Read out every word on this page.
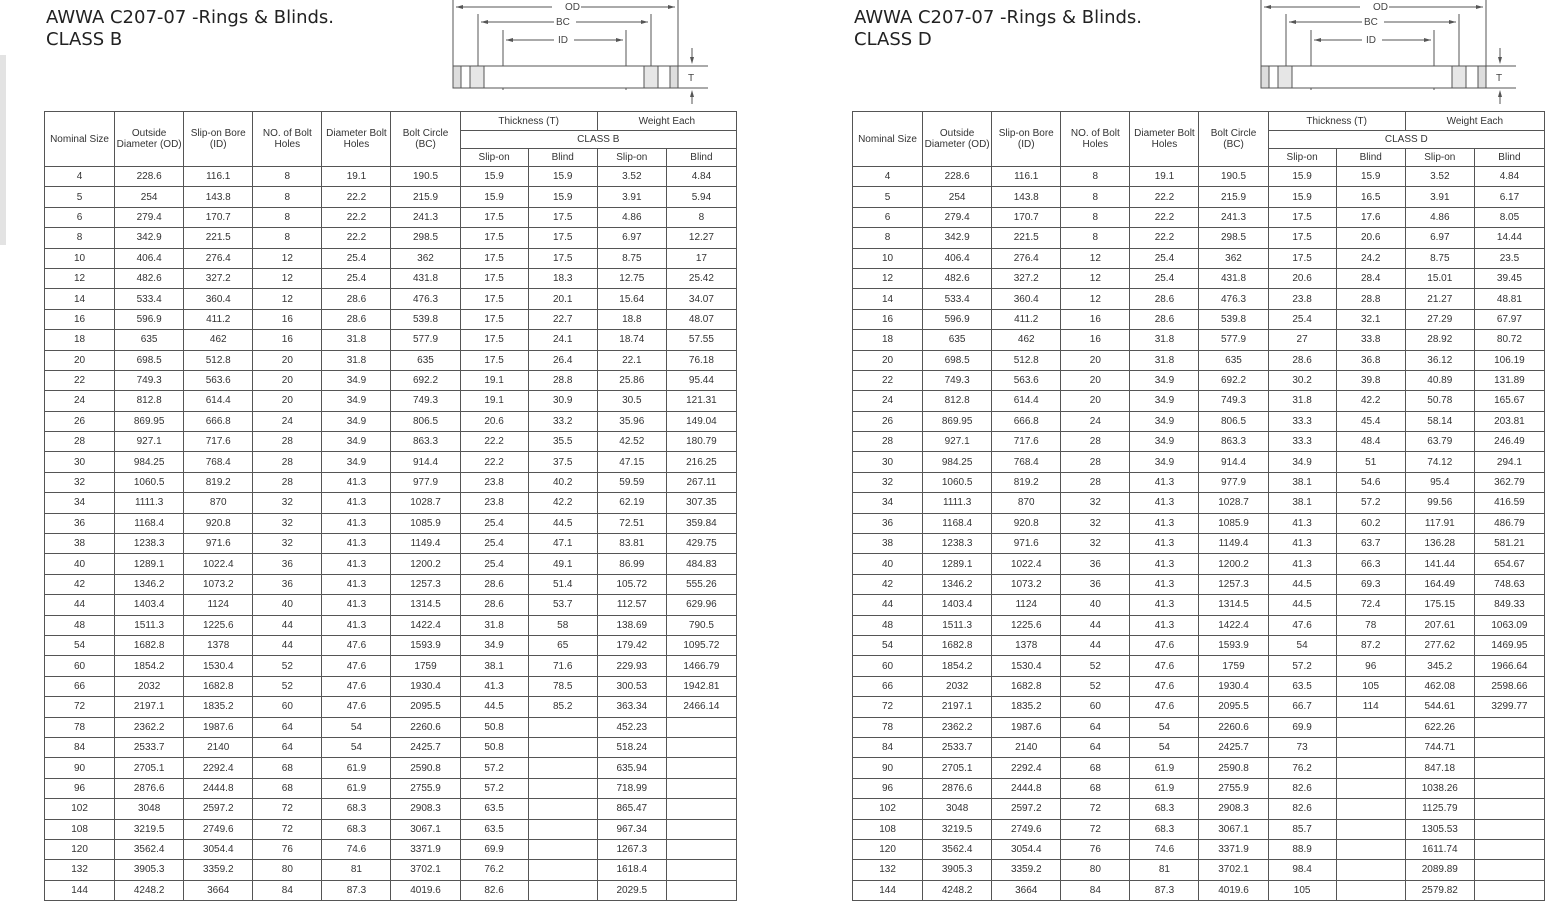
AWWA C207-07 -Rings & Blinds.
CLASS B
OD
BC
ID
T
Nominal Size	Outside Diameter (OD)	Slip-on Bore (ID)	NO. of Bolt Holes	Diameter Bolt Holes	Bolt Circle (BC)	Thickness (T)		Weight Each	
						CLASS B			
						Slip-on	Blind	Slip-on	Blind
4	228.6	116.1	8	19.1	190.5	15.9	15.9	3.52	4.84
5	254	143.8	8	22.2	215.9	15.9	15.9	3.91	5.94
6	279.4	170.7	8	22.2	241.3	17.5	17.5	4.86	8
8	342.9	221.5	8	22.2	298.5	17.5	17.5	6.97	12.27
10	406.4	276.4	12	25.4	362	17.5	17.5	8.75	17
12	482.6	327.2	12	25.4	431.8	17.5	18.3	12.75	25.42
14	533.4	360.4	12	28.6	476.3	17.5	20.1	15.64	34.07
16	596.9	411.2	16	28.6	539.8	17.5	22.7	18.8	48.07
18	635	462	16	31.8	577.9	17.5	24.1	18.74	57.55
20	698.5	512.8	20	31.8	635	17.5	26.4	22.1	76.18
22	749.3	563.6	20	34.9	692.2	19.1	28.8	25.86	95.44
24	812.8	614.4	20	34.9	749.3	19.1	30.9	30.5	121.31
26	869.95	666.8	24	34.9	806.5	20.6	33.2	35.96	149.04
28	927.1	717.6	28	34.9	863.3	22.2	35.5	42.52	180.79
30	984.25	768.4	28	34.9	914.4	22.2	37.5	47.15	216.25
32	1060.5	819.2	28	41.3	977.9	23.8	40.2	59.59	267.11
34	1111.3	870	32	41.3	1028.7	23.8	42.2	62.19	307.35
36	1168.4	920.8	32	41.3	1085.9	25.4	44.5	72.51	359.84
38	1238.3	971.6	32	41.3	1149.4	25.4	47.1	83.81	429.75
40	1289.1	1022.4	36	41.3	1200.2	25.4	49.1	86.99	484.83
42	1346.2	1073.2	36	41.3	1257.3	28.6	51.4	105.72	555.26
44	1403.4	1124	40	41.3	1314.5	28.6	53.7	112.57	629.96
48	1511.3	1225.6	44	41.3	1422.4	31.8	58	138.69	790.5
54	1682.8	1378	44	47.6	1593.9	34.9	65	179.42	1095.72
60	1854.2	1530.4	52	47.6	1759	38.1	71.6	229.93	1466.79
66	2032	1682.8	52	47.6	1930.4	41.3	78.5	300.53	1942.81
72	2197.1	1835.2	60	47.6	2095.5	44.5	85.2	363.34	2466.14
78	2362.2	1987.6	64	54	2260.6	50.8		452.23	
84	2533.7	2140	64	54	2425.7	50.8		518.24	
90	2705.1	2292.4	68	61.9	2590.8	57.2		635.94	
96	2876.6	2444.8	68	61.9	2755.9	57.2		718.99	
102	3048	2597.2	72	68.3	2908.3	63.5		865.47	
108	3219.5	2749.6	72	68.3	3067.1	63.5		967.34	
120	3562.4	3054.4	76	74.6	3371.9	69.9		1267.3	
132	3905.3	3359.2	80	81	3702.1	76.2		1618.4	
144	4248.2	3664	84	87.3	4019.6	82.6		2029.5	
AWWA C207-07 -Rings & Blinds.
CLASS D
OD
BC
ID
T
Nominal Size	Outside Diameter (OD)	Slip-on Bore (ID)	NO. of Bolt Holes	Diameter Bolt Holes	Bolt Circle (BC)	Thickness (T)		Weight Each	
						CLASS D			
						Slip-on	Blind	Slip-on	Blind
4	228.6	116.1	8	19.1	190.5	15.9	15.9	3.52	4.84
5	254	143.8	8	22.2	215.9	15.9	16.5	3.91	6.17
6	279.4	170.7	8	22.2	241.3	17.5	17.6	4.86	8.05
8	342.9	221.5	8	22.2	298.5	17.5	20.6	6.97	14.44
10	406.4	276.4	12	25.4	362	17.5	24.2	8.75	23.5
12	482.6	327.2	12	25.4	431.8	20.6	28.4	15.01	39.45
14	533.4	360.4	12	28.6	476.3	23.8	28.8	21.27	48.81
16	596.9	411.2	16	28.6	539.8	25.4	32.1	27.29	67.97
18	635	462	16	31.8	577.9	27	33.8	28.92	80.72
20	698.5	512.8	20	31.8	635	28.6	36.8	36.12	106.19
22	749.3	563.6	20	34.9	692.2	30.2	39.8	40.89	131.89
24	812.8	614.4	20	34.9	749.3	31.8	42.2	50.78	165.67
26	869.95	666.8	24	34.9	806.5	33.3	45.4	58.14	203.81
28	927.1	717.6	28	34.9	863.3	33.3	48.4	63.79	246.49
30	984.25	768.4	28	34.9	914.4	34.9	51	74.12	294.1
32	1060.5	819.2	28	41.3	977.9	38.1	54.6	95.4	362.79
34	1111.3	870	32	41.3	1028.7	38.1	57.2	99.56	416.59
36	1168.4	920.8	32	41.3	1085.9	41.3	60.2	117.91	486.79
38	1238.3	971.6	32	41.3	1149.4	41.3	63.7	136.28	581.21
40	1289.1	1022.4	36	41.3	1200.2	41.3	66.3	141.44	654.67
42	1346.2	1073.2	36	41.3	1257.3	44.5	69.3	164.49	748.63
44	1403.4	1124	40	41.3	1314.5	44.5	72.4	175.15	849.33
48	1511.3	1225.6	44	41.3	1422.4	47.6	78	207.61	1063.09
54	1682.8	1378	44	47.6	1593.9	54	87.2	277.62	1469.95
60	1854.2	1530.4	52	47.6	1759	57.2	96	345.2	1966.64
66	2032	1682.8	52	47.6	1930.4	63.5	105	462.08	2598.66
72	2197.1	1835.2	60	47.6	2095.5	66.7	114	544.61	3299.77
78	2362.2	1987.6	64	54	2260.6	69.9		622.26	
84	2533.7	2140	64	54	2425.7	73		744.71	
90	2705.1	2292.4	68	61.9	2590.8	76.2		847.18	
96	2876.6	2444.8	68	61.9	2755.9	82.6		1038.26	
102	3048	2597.2	72	68.3	2908.3	82.6		1125.79	
108	3219.5	2749.6	72	68.3	3067.1	85.7		1305.53	
120	3562.4	3054.4	76	74.6	3371.9	88.9		1611.74	
132	3905.3	3359.2	80	81	3702.1	98.4		2089.89	
144	4248.2	3664	84	87.3	4019.6	105		2579.82	
